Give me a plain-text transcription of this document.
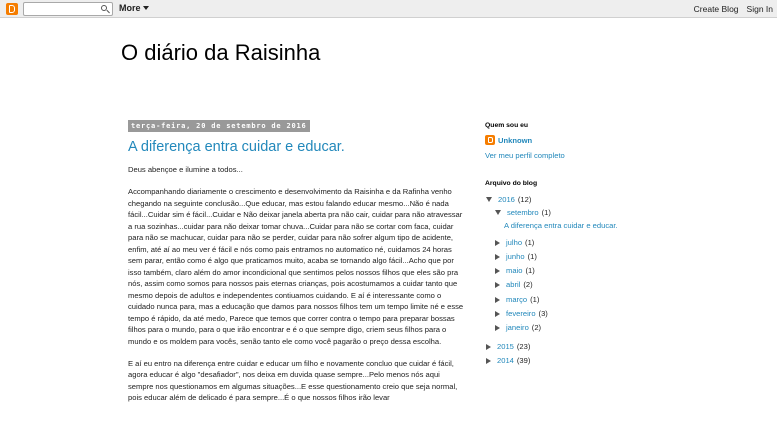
More	Create Blog Sign In
O diário da Raisinha
terça-feira, 20 de setembro de 2016
A diferença entra cuidar e educar.

Deus abençoe e ilumine a todos...

Accompanhando diariamente o crescimento e desenvolvimento da Raisinha e da Rafinha venho chegando na seguinte conclusão...Que educar, mas estou falando educar mesmo...Não é nada fácil...Cuidar sim é fácil...Cuidar e Não deixar janela aberta pra não cair, cuidar para não atravessar a rua sozinhas...cuidar para não deixar tomar chuva...Cuidar para não se cortar com faca, cuidar para não se machucar, cuidar para não se perder, cuidar para não sofrer algum tipo de acidente, enfim, até aí ao meu ver é fácil e nós como pais entramos no automatico né, cuidamos 24 horas sem parar, então como é algo que praticamos muito, acaba se tornando algo fácil...Acho que por isso também, claro além do amor incondicional que sentimos pelos nossos filhos que eles são pra nós, assim como somos para nossos pais eternas crianças, pois acostumamos a cuidar tanto que mesmo depois de adultos e independentes contiuamos cuidando. E aí é interessante como o cuidado nunca para, mas a educação que damos para nossos filhos tem um tempo limite né e esse tempo é rápido, da até medo, Parece que temos que correr contra o tempo para preparar bossas filhos para o mundo, para o que irão encontrar e é o que sempre digo, criem seus filhos para o mundo e os moldem para vocês, senão tanto ele como você pagarão o preço dessa escolha.

E aí eu entro na diferença entre cuidar e educar um filho e novamente concluo que cuidar é fácil, agora educar é algo "desafiador", nos deixa em duvida quase sempre...Pelo menos nós aqui sempre nos questionamos em algumas situações...E esse questionamento creio que seja normal, pois educar além de delicado é para sempre...É o que nossos filhos irão levar

Quem sou eu
Unknown
Ver meu perfil completo
Arquivo do blog
2016 (12)
setembro (1)
A diferença entra cuidar e educar.
julho (1)
junho (1)
maio (1)
abril (2)
março (1)
fevereiro (3)
janeiro (2)
2015 (23)
2014 (39)
